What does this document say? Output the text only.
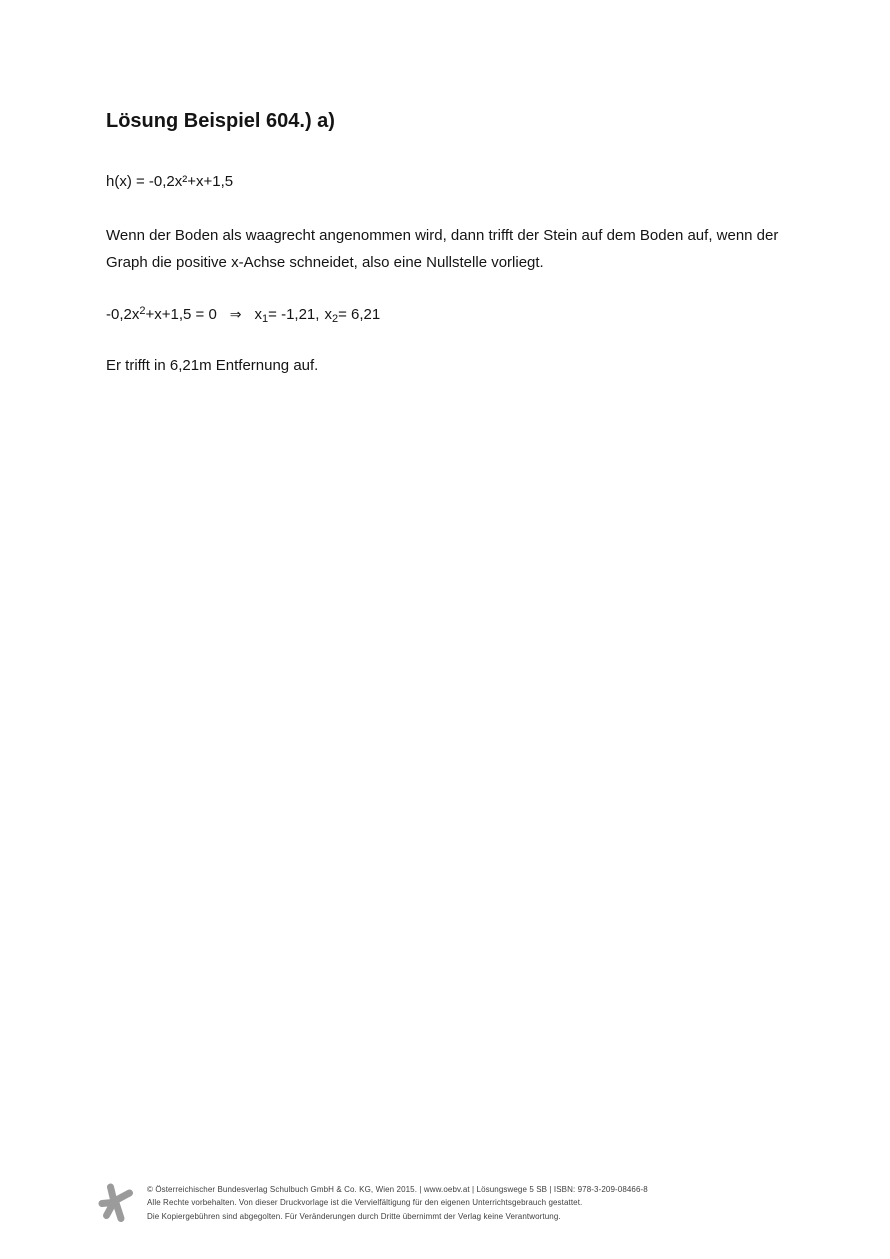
Lösung Beispiel 604.) a)
h(x) = -0,2x²+x+1,5

Wenn der Boden als waagrecht angenommen wird, dann trifft der Stein auf dem Boden auf, wenn der Graph die positive x-Achse schneidet, also eine Nullstelle vorliegt.

$-0,2x^2+x+1,5 = 0$ ⇒ $x_1= -1,21$, $x_2= 6,21$
Er trifft in 6,21m Entfernung auf.
© Österreichischer Bundesverlag Schulbuch GmbH & Co. KG, Wien 2015. | www.oebv.at | Lösungswege 5 SB | ISBN: 978-3-209-08466-8
Alle Rechte vorbehalten. Von dieser Druckvorlage ist die Vervielfältigung für den eigenen Unterrichtsgebrauch gestattet.
Die Kopiergebühren sind abgegolten. Für Veränderungen durch Dritte übernimmt der Verlag keine Verantwortung.
